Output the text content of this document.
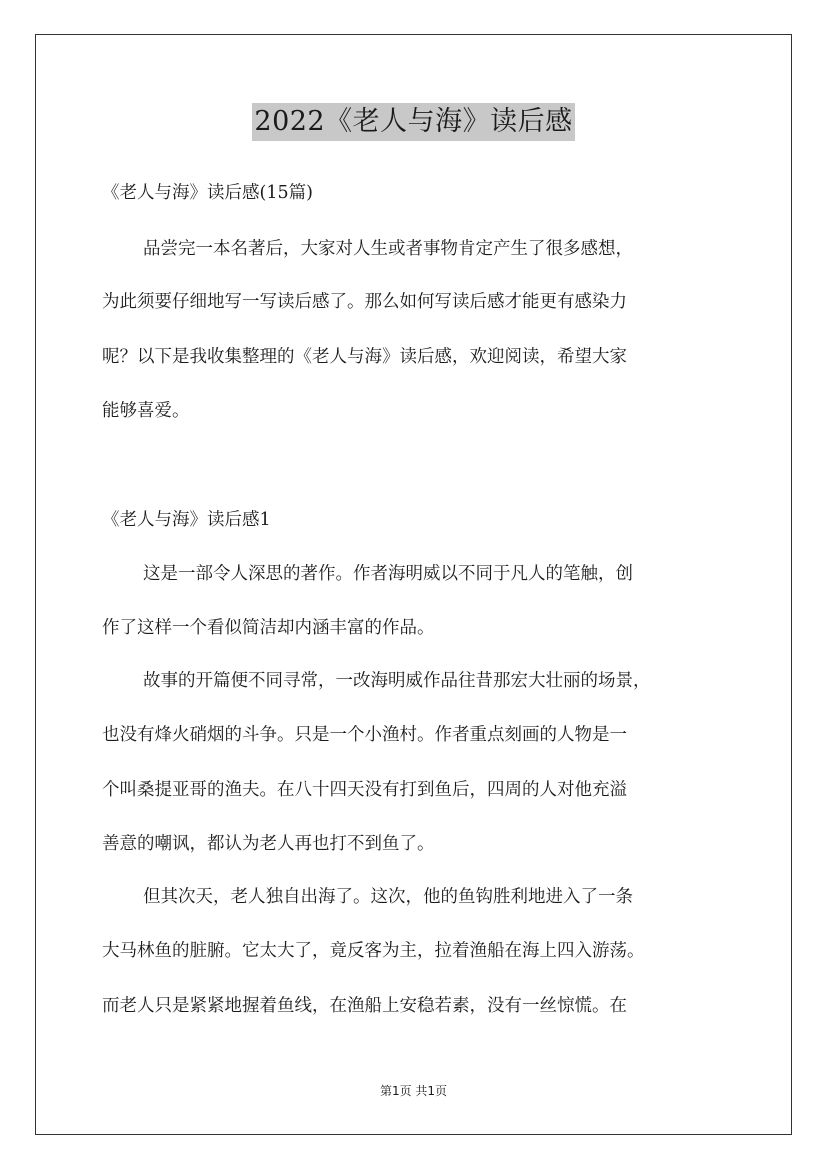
2022《老人与海》读后感
《老人与海》读后感(15篇)
品尝完一本名著后，大家对人生或者事物肯定产生了很多感想，
为此须要仔细地写一写读后感了。那么如何写读后感才能更有感染力
呢？以下是我收集整理的《老人与海》读后感，欢迎阅读，希望大家
能够喜爱。
《老人与海》读后感1
这是一部令人深思的著作。作者海明威以不同于凡人的笔触，创
作了这样一个看似简洁却内涵丰富的作品。
故事的开篇便不同寻常，一改海明威作品往昔那宏大壮丽的场景，
也没有烽火硝烟的斗争。只是一个小渔村。作者重点刻画的人物是一
个叫桑提亚哥的渔夫。在八十四天没有打到鱼后，四周的人对他充溢
善意的嘲讽，都认为老人再也打不到鱼了。
但其次天，老人独自出海了。这次，他的鱼钩胜利地进入了一条
大马林鱼的脏腑。它太大了，竟反客为主，拉着渔船在海上四入游荡。
而老人只是紧紧地握着鱼线，在渔船上安稳若素，没有一丝惊慌。在
第1页 共1页
